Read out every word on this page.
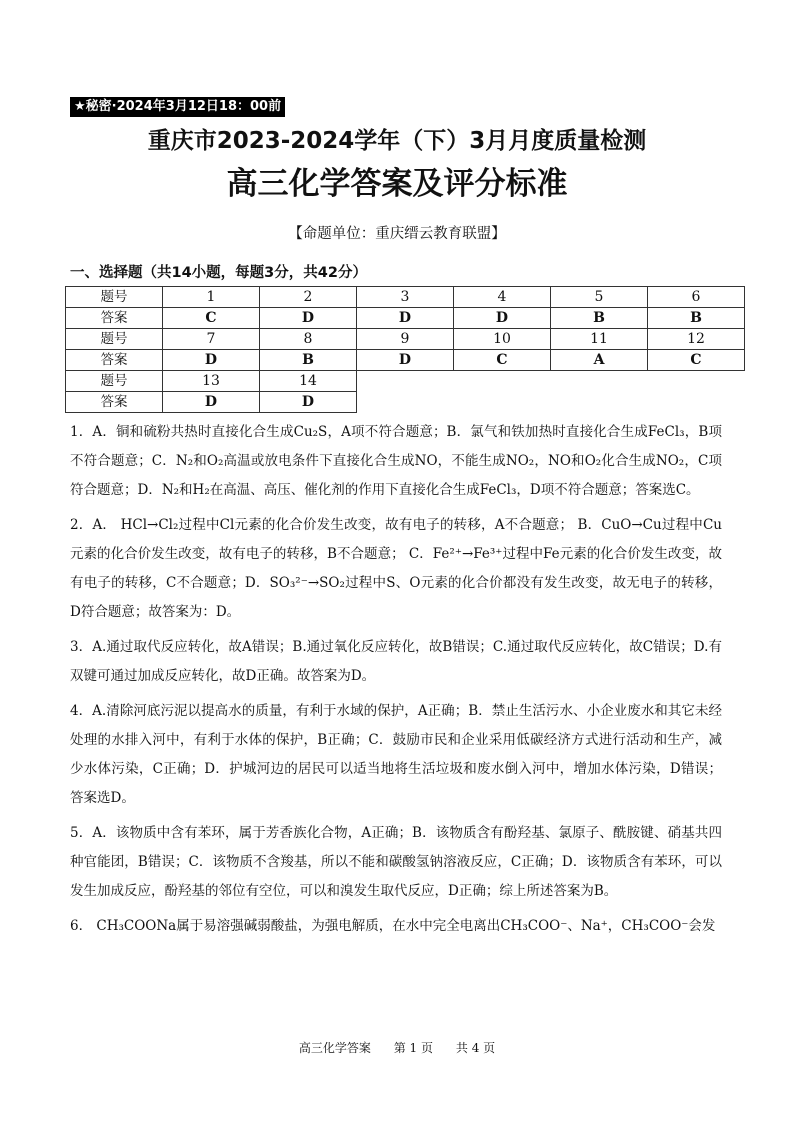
★秘密·2024年3月12日18：00前
重庆市2023-2024学年（下）3月月度质量检测
高三化学答案及评分标准
【命题单位：重庆缙云教育联盟】
一、选择题（共14小题，每题3分，共42分）
题号	1	2	3	4	5	6
答案	C	D	D	D	B	B
题号	7	8	9	10	11	12
答案	D	B	D	C	A	C
题号	13	14				
答案	D	D				

1．A．铜和硫粉共热时直接化合生成Cu₂S，A项不符合题意；B．氯气和铁加热时直接化合生成FeCl₃，B项不符合题意；C．N₂和O₂高温或放电条件下直接化合生成NO，不能生成NO₂，NO和O₂化合生成NO₂，C项符合题意；D．N₂和H₂在高温、高压、催化剂的作用下直接化合生成FeCl₃，D项不符合题意；答案选C。

2．A． HCl→Cl₂过程中Cl元素的化合价发生改变，故有电子的转移，A不合题意； B．CuO→Cu过程中Cu元素的化合价发生改变，故有电子的转移，B不合题意； C．Fe²⁺→Fe³⁺过程中Fe元素的化合价发生改变，故有电子的转移，C不合题意；D．SO₃²⁻→SO₂过程中S、O元素的化合价都没有发生改变，故无电子的转移，D符合题意；故答案为：D。

3．A.通过取代反应转化，故A错误；B.通过氧化反应转化，故B错误；C.通过取代反应转化，故C错误；D.有双键可通过加成反应转化，故D正确。故答案为D。

4．A.清除河底污泥以提高水的质量，有利于水域的保护，A正确；B．禁止生活污水、小企业废水和其它未经处理的水排入河中，有利于水体的保护，B正确；C．鼓励市民和企业采用低碳经济方式进行活动和生产，减少水体污染，C正确；D．护城河边的居民可以适当地将生活垃圾和废水倒入河中，增加水体污染，D错误；答案选D。

5．A．该物质中含有苯环，属于芳香族化合物，A正确；B．该物质含有酚羟基、氯原子、酰胺键、硝基共四种官能团，B错误；C．该物质不含羧基，所以不能和碳酸氢钠溶液反应，C正确；D．该物质含有苯环，可以发生加成反应，酚羟基的邻位有空位，可以和溴发生取代反应，D正确；综上所述答案为B。

6． CH₃COONa属于易溶强碱弱酸盐，为强电解质，在水中完全电离出CH₃COO⁻、Na⁺，CH₃COO⁻会发

高三化学答案      第 1 页      共 4 页
